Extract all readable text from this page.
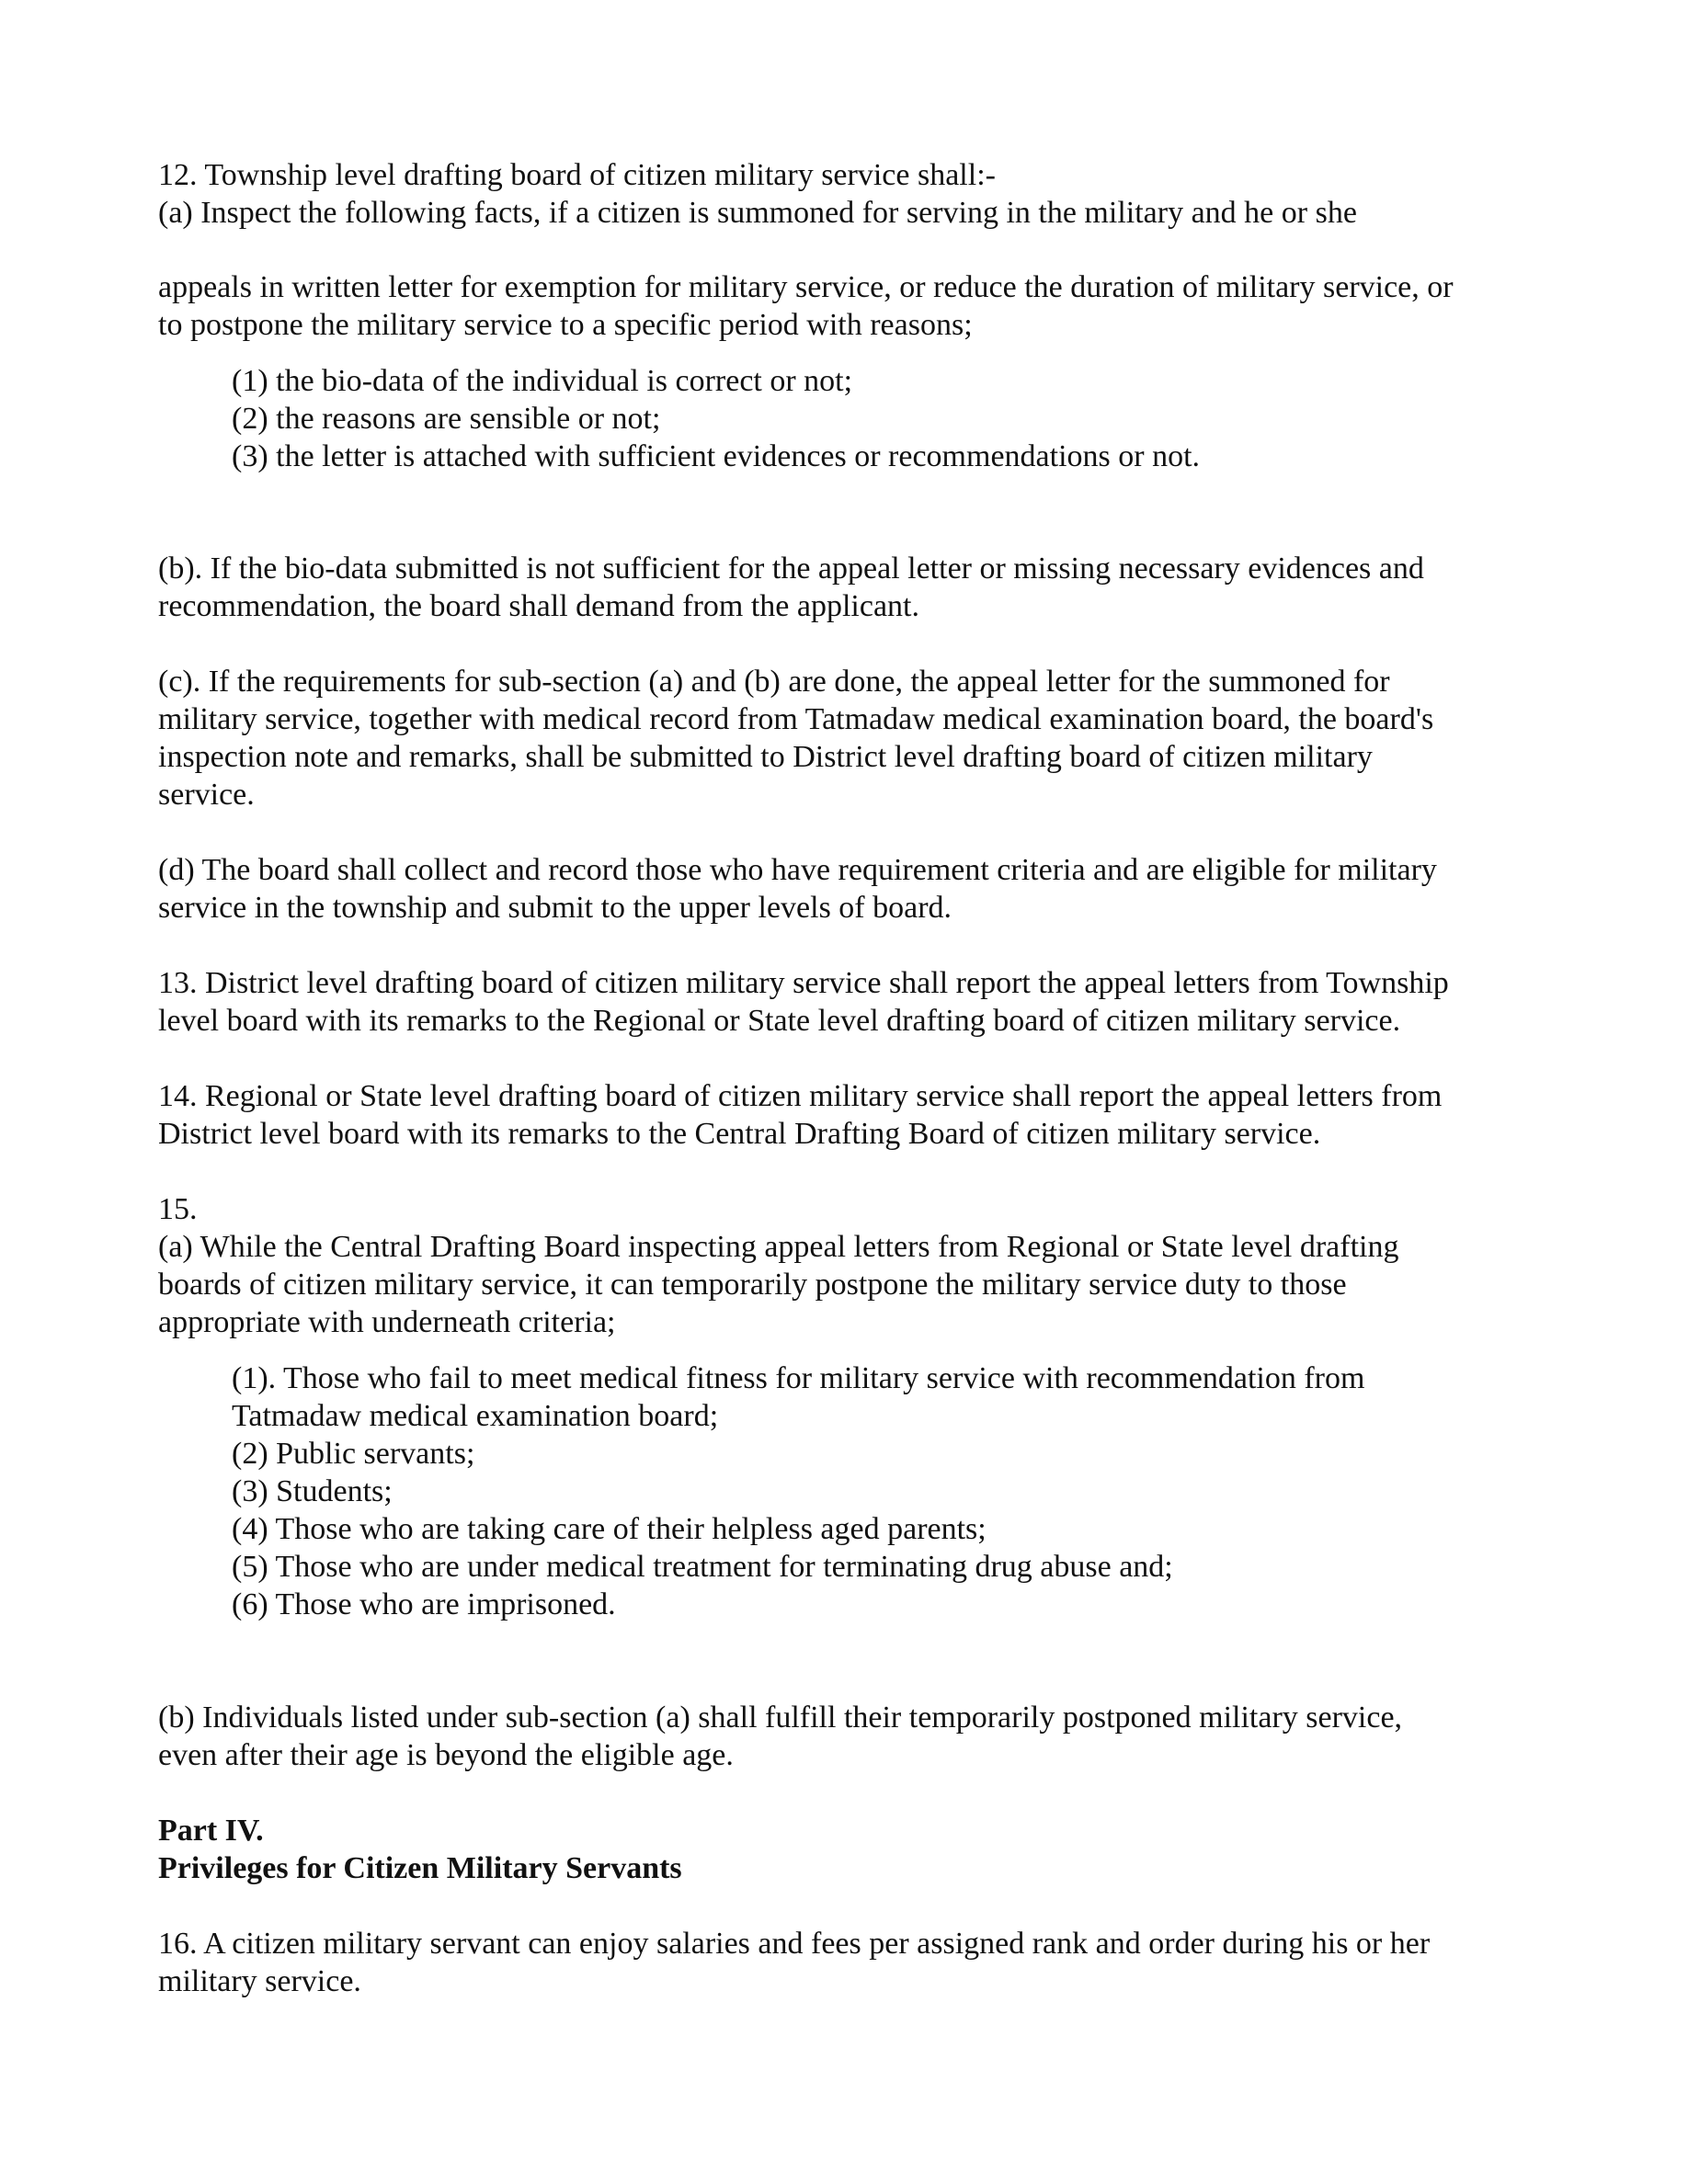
12. Township level drafting board of citizen military service shall:-

(a) Inspect the following facts, if a citizen is summoned for serving in the military and he or she

appeals in written letter for exemption for military service, or reduce the duration of military service, or

to postpone the military service to a specific period with reasons;

(1) the bio-data of the individual is correct or not;

(2) the reasons are sensible or not;

(3) the letter is attached with sufficient evidences or recommendations or not.

(b). If the bio-data submitted is not sufficient for the appeal letter or missing necessary evidences and

recommendation, the board shall demand from the applicant.

(c). If the requirements for sub-section (a) and (b) are done, the appeal letter for the summoned for

military service, together with medical record from Tatmadaw medical examination board, the board's

inspection note and remarks, shall be submitted to District level drafting board of citizen military

service.

(d) The board shall collect and record those who have requirement criteria and are eligible for military

service in the township and submit to the upper levels of board.

13. District level drafting board of citizen military service shall report the appeal letters from Township

level board with its remarks to the Regional or State level drafting board of citizen military service.

14. Regional or State level drafting board of citizen military service shall report the appeal letters from

District level board with its remarks to the Central Drafting Board of citizen military service.

15.

(a) While the Central Drafting Board inspecting appeal letters from Regional or State level drafting

boards of citizen military service, it can temporarily postpone the military service duty to those

appropriate with underneath criteria;

(1). Those who fail to meet medical fitness for military service with recommendation from

Tatmadaw medical examination board;

(2) Public servants;

(3) Students;

(4) Those who are taking care of their helpless aged parents;

(5) Those who are under medical treatment for terminating drug abuse and;

(6) Those who are imprisoned.

(b) Individuals listed under sub-section (a) shall fulfill their temporarily postponed military service,

even after their age is beyond the eligible age.

Part IV.

Privileges for Citizen Military Servants

16. A citizen military servant can enjoy salaries and fees per assigned rank and order during his or her

military service.
